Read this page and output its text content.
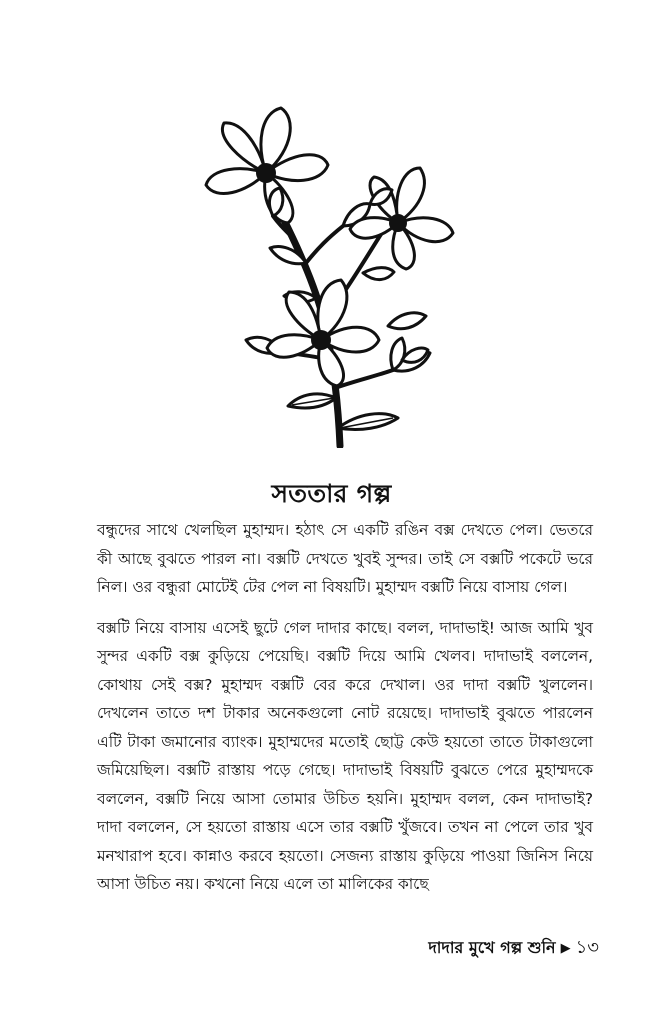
সততার গল্প

বন্ধুদের সাথে খেলছিল মুহাম্মদ। হঠাৎ সে একটি রঙিন বক্স দেখতে পেল। ভেতরে কী আছে বুঝতে পারল না। বক্সটি দেখতে খুবই সুন্দর। তাই সে বক্সটি পকেটে ভরে নিল। ওর বন্ধুরা মোটেই টের পেল না বিষয়টি। মুহাম্মদ বক্সটি নিয়ে বাসায় গেল।

বক্সটি নিয়ে বাসায় এসেই ছুটে গেল দাদার কাছে। বলল, দাদাভাই! আজ আমি খুব সুন্দর একটি বক্স কুড়িয়ে পেয়েছি। বক্সটি দিয়ে আমি খেলব। দাদাভাই বললেন, কোথায় সেই বক্স? মুহাম্মদ বক্সটি বের করে দেখাল। ওর দাদা বক্সটি খুললেন। দেখলেন তাতে দশ টাকার অনেকগুলো নোট রয়েছে। দাদাভাই বুঝতে পারলেন এটি টাকা জমানোর ব্যাংক। মুহাম্মদের মতোই ছোট্ট কেউ হয়তো তাতে টাকাগুলো জমিয়েছিল। বক্সটি রাস্তায় পড়ে গেছে। দাদাভাই বিষয়টি বুঝতে পেরে মুহাম্মদকে বললেন, বক্সটি নিয়ে আসা তোমার উচিত হয়নি। মুহাম্মদ বলল, কেন দাদাভাই? দাদা বললেন, সে হয়তো রাস্তায় এসে তার বক্সটি খুঁজবে। তখন না পেলে তার খুব মনখারাপ হবে। কান্নাও করবে হয়তো। সেজন্য রাস্তায় কুড়িয়ে পাওয়া জিনিস নিয়ে আসা উচিত নয়। কখনো নিয়ে এলে তা মালিকের কাছে

দাদার মুখে গল্প শুনি ▶ ১৩
